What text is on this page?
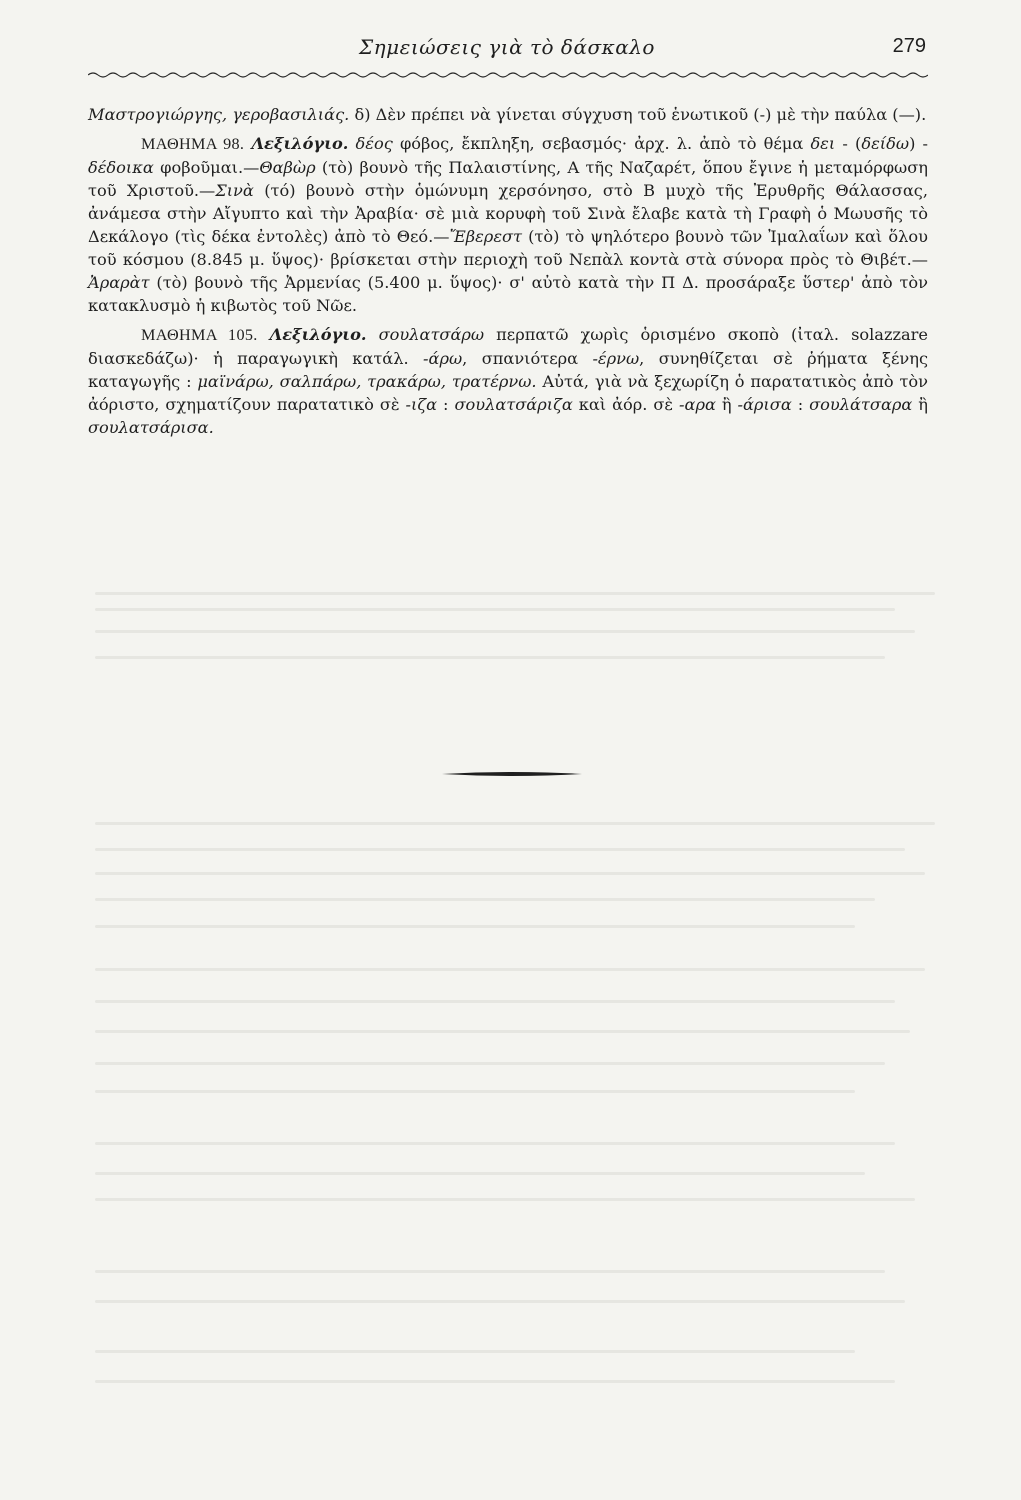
Σημειώσεις γιὰ τὸ δάσκαλο	279

Μαστρογιώργης, γεροβασιλιάς. δ) Δὲν πρέπει νὰ γίνεται σύγχυση τοῦ ἑνωτικοῦ (-) μὲ τὴν παύλα (—).

ΜΑΘΗΜΑ 98. Λεξιλόγιο. δέος φόβος, ἔκπληξη, σεβασμός· ἀρχ. λ. ἀπὸ τὸ θέμα δει - (δείδω) - δέδοικα φοβοῦμαι.—Θαβὼρ (τὸ) βουνὸ τῆς Παλαιστίνης, Α τῆς Ναζαρέτ, ὅπου ἔγινε ἡ μεταμόρφωση τοῦ Χριστοῦ.—Σινὰ (τό) βουνὸ στὴν ὁμώνυμη χερσόνησο, στὸ Β μυχὸ τῆς Ἐρυθρῆς Θάλασσας, ἀνάμεσα στὴν Αἴγυπτο καὶ τὴν Ἀραβία· σὲ μιὰ κορυφὴ τοῦ Σινὰ ἔλαβε κατὰ τὴ Γραφὴ ὁ Μωυσῆς τὸ Δεκάλογο (τὶς δέκα ἐντολὲς) ἀπὸ τὸ Θεό.—Ἔβερεστ (τὸ) τὸ ψηλότερο βουνὸ τῶν Ἰμαλαΐων καὶ ὅλου τοῦ κόσμου (8.845 μ. ὕψος)· βρίσκεται στὴν περιοχὴ τοῦ Νεπὰλ κοντὰ στὰ σύνορα πρὸς τὸ Θιβέτ.—Ἀραρὰτ (τὸ) βουνὸ τῆς Ἀρμενίας (5.400 μ. ὕψος)· σ' αὐτὸ κατὰ τὴν Π Δ. προσάραξε ὕστερ' ἀπὸ τὸν κατακλυσμὸ ἡ κιβωτὸς τοῦ Νῶε.

ΜΑΘΗΜΑ 105. Λεξιλόγιο. σουλατσάρω περπατῶ χωρὶς ὁρισμένο σκοπὸ (ἰταλ. solazzare διασκεδάζω)· ἡ παραγωγικὴ κατάλ. -άρω, σπανιότερα -έρνω, συνηθίζεται σὲ ῥήματα ξένης καταγωγῆς : μαϊνάρω, σαλπάρω, τρακάρω, τρατέρνω. Αὐτά, γιὰ νὰ ξεχωρίζη ὁ παρατατικὸς ἀπὸ τὸν ἀόριστο, σχηματίζουν παρατατικὸ σὲ -ιζα : σουλατσάριζα καὶ ἀόρ. σὲ -αρα ἢ -άρισα : σουλάτσαρα ἢ σουλατσάρισα.
